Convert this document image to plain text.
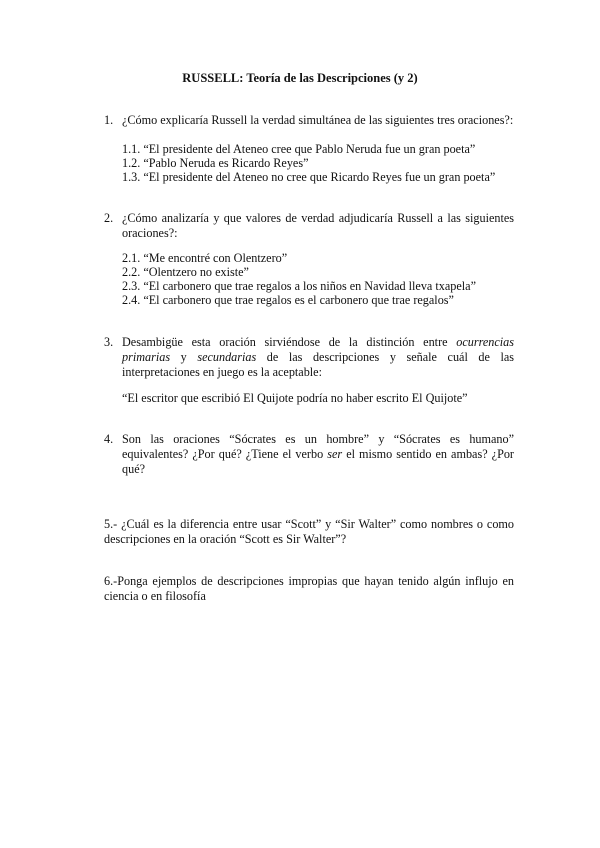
RUSSELL: Teoría de las Descripciones (y 2)
1. ¿Cómo explicaría Russell la verdad simultánea de las siguientes tres oraciones?:
1.1. “El presidente del Ateneo cree que Pablo Neruda fue un gran poeta”
1.2. “Pablo Neruda es Ricardo Reyes”
1.3. “El presidente del Ateneo no cree que Ricardo Reyes fue un gran poeta”
2. ¿Cómo analizaría y que valores de verdad adjudicaría Russell a las siguientes oraciones?:
2.1. “Me encontré con Olentzero”
2.2. “Olentzero no existe”
2.3. “El carbonero que trae regalos a los niños en Navidad lleva txapela”
2.4. “El carbonero que trae regalos es el carbonero que trae regalos”
3. Desambigüe esta oración sirviéndose de la distinción entre ocurrencias primarias y secundarias de las descripciones y señale cuál de las interpretaciones en juego es la aceptable:
“El escritor que escribió El Quijote podría no haber escrito El Quijote”
4. Son las oraciones “Sócrates es un hombre” y “Sócrates es humano” equivalentes? ¿Por qué? ¿Tiene el verbo ser el mismo sentido en ambas? ¿Por qué?
5.- ¿Cuál es la diferencia entre usar “Scott” y “Sir Walter” como nombres o como descripciones en la oración “Scott es Sir Walter”?
6.-Ponga ejemplos de descripciones impropias que hayan tenido algún influjo en ciencia o en filosofía
